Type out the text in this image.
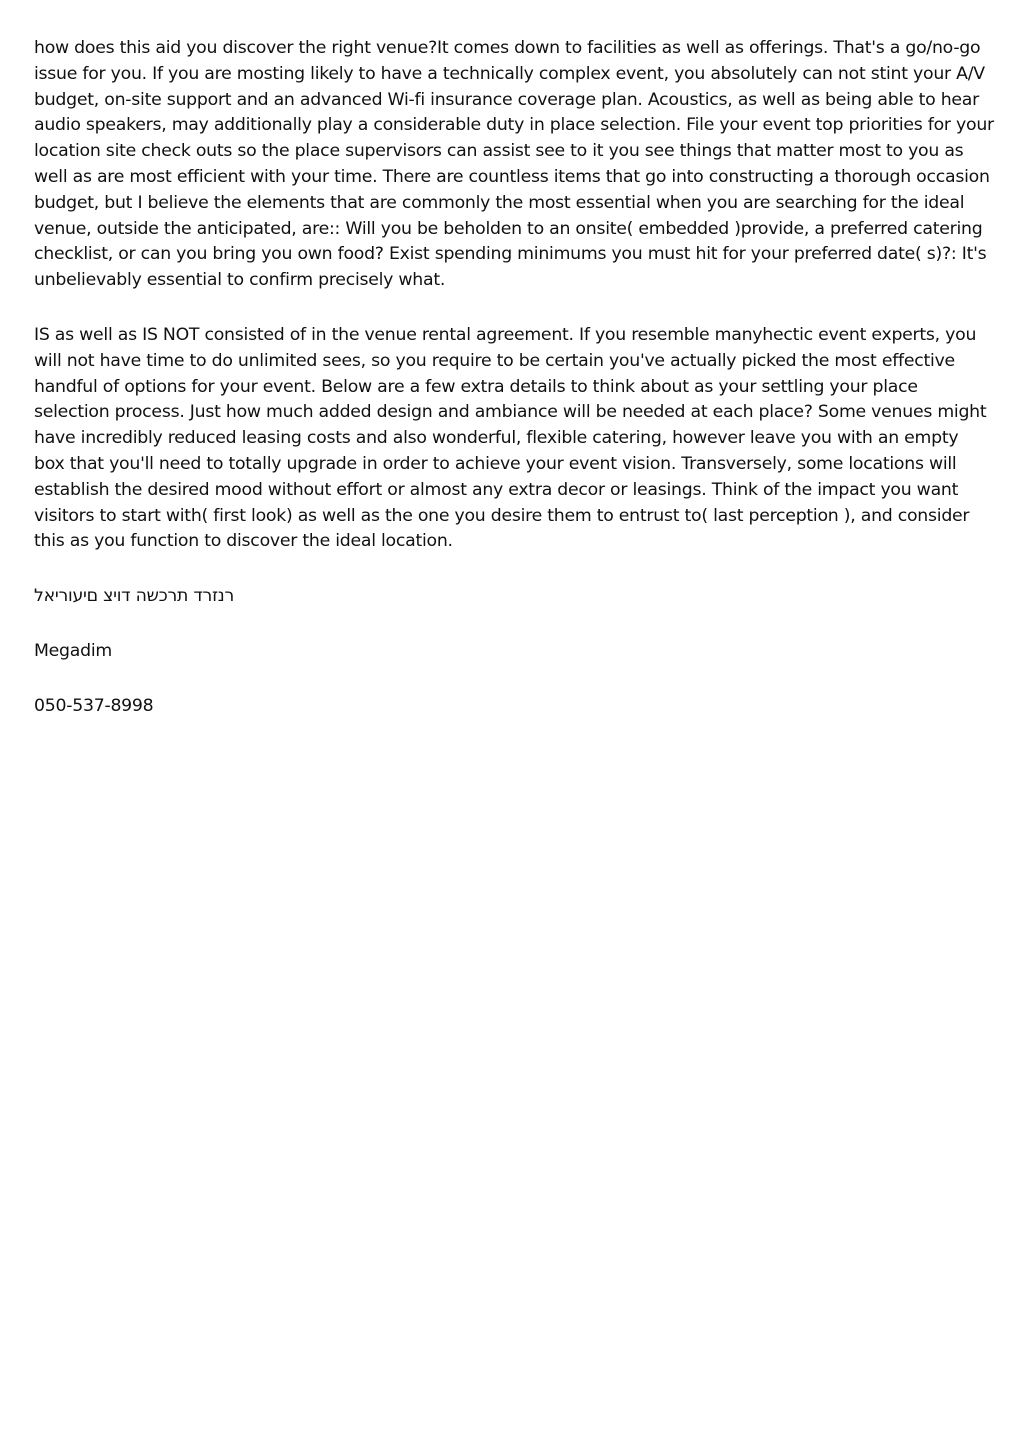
how does this aid you discover the right venue?It comes down to facilities as well as offerings. That's a go/no-go issue for you. If you are mosting likely to have a technically complex event, you absolutely can not stint your A/V budget, on-site support and an advanced Wi-fi insurance coverage plan. Acoustics, as well as being able to hear audio speakers, may additionally play a considerable duty in place selection. File your event top priorities for your location site check outs so the place supervisors can assist see to it you see things that matter most to you as well as are most efficient with your time. There are countless items that go into constructing a thorough occasion budget, but I believe the elements that are commonly the most essential when you are searching for the ideal venue, outside the anticipated, are:: Will you be beholden to an onsite( embedded )provide, a preferred catering checklist, or can you bring you own food? Exist spending minimums you must hit for your preferred date( s)?: It's unbelievably essential to confirm precisely what.

IS as well as IS NOT consisted of in the venue rental agreement. If you resemble manyhectic event experts, you will not have time to do unlimited sees, so you require to be certain you've actually picked the most effective handful of options for your event. Below are a few extra details to think about as your settling your place selection process. Just how much added design and ambiance will be needed at each place? Some venues might have incredibly reduced leasing costs and also wonderful, flexible catering, however leave you with an empty box that you'll need to totally upgrade in order to achieve your event vision. Transversely, some locations will establish the desired mood without effort or almost any extra decor or leasings. Think of the impact you want visitors to start with( first look) as well as the one you desire them to entrust to( last perception ), and consider this as you function to discover the ideal location.

רנזרד תרכשה דויצ םיעוריאל

Megadim

050-537-8998
